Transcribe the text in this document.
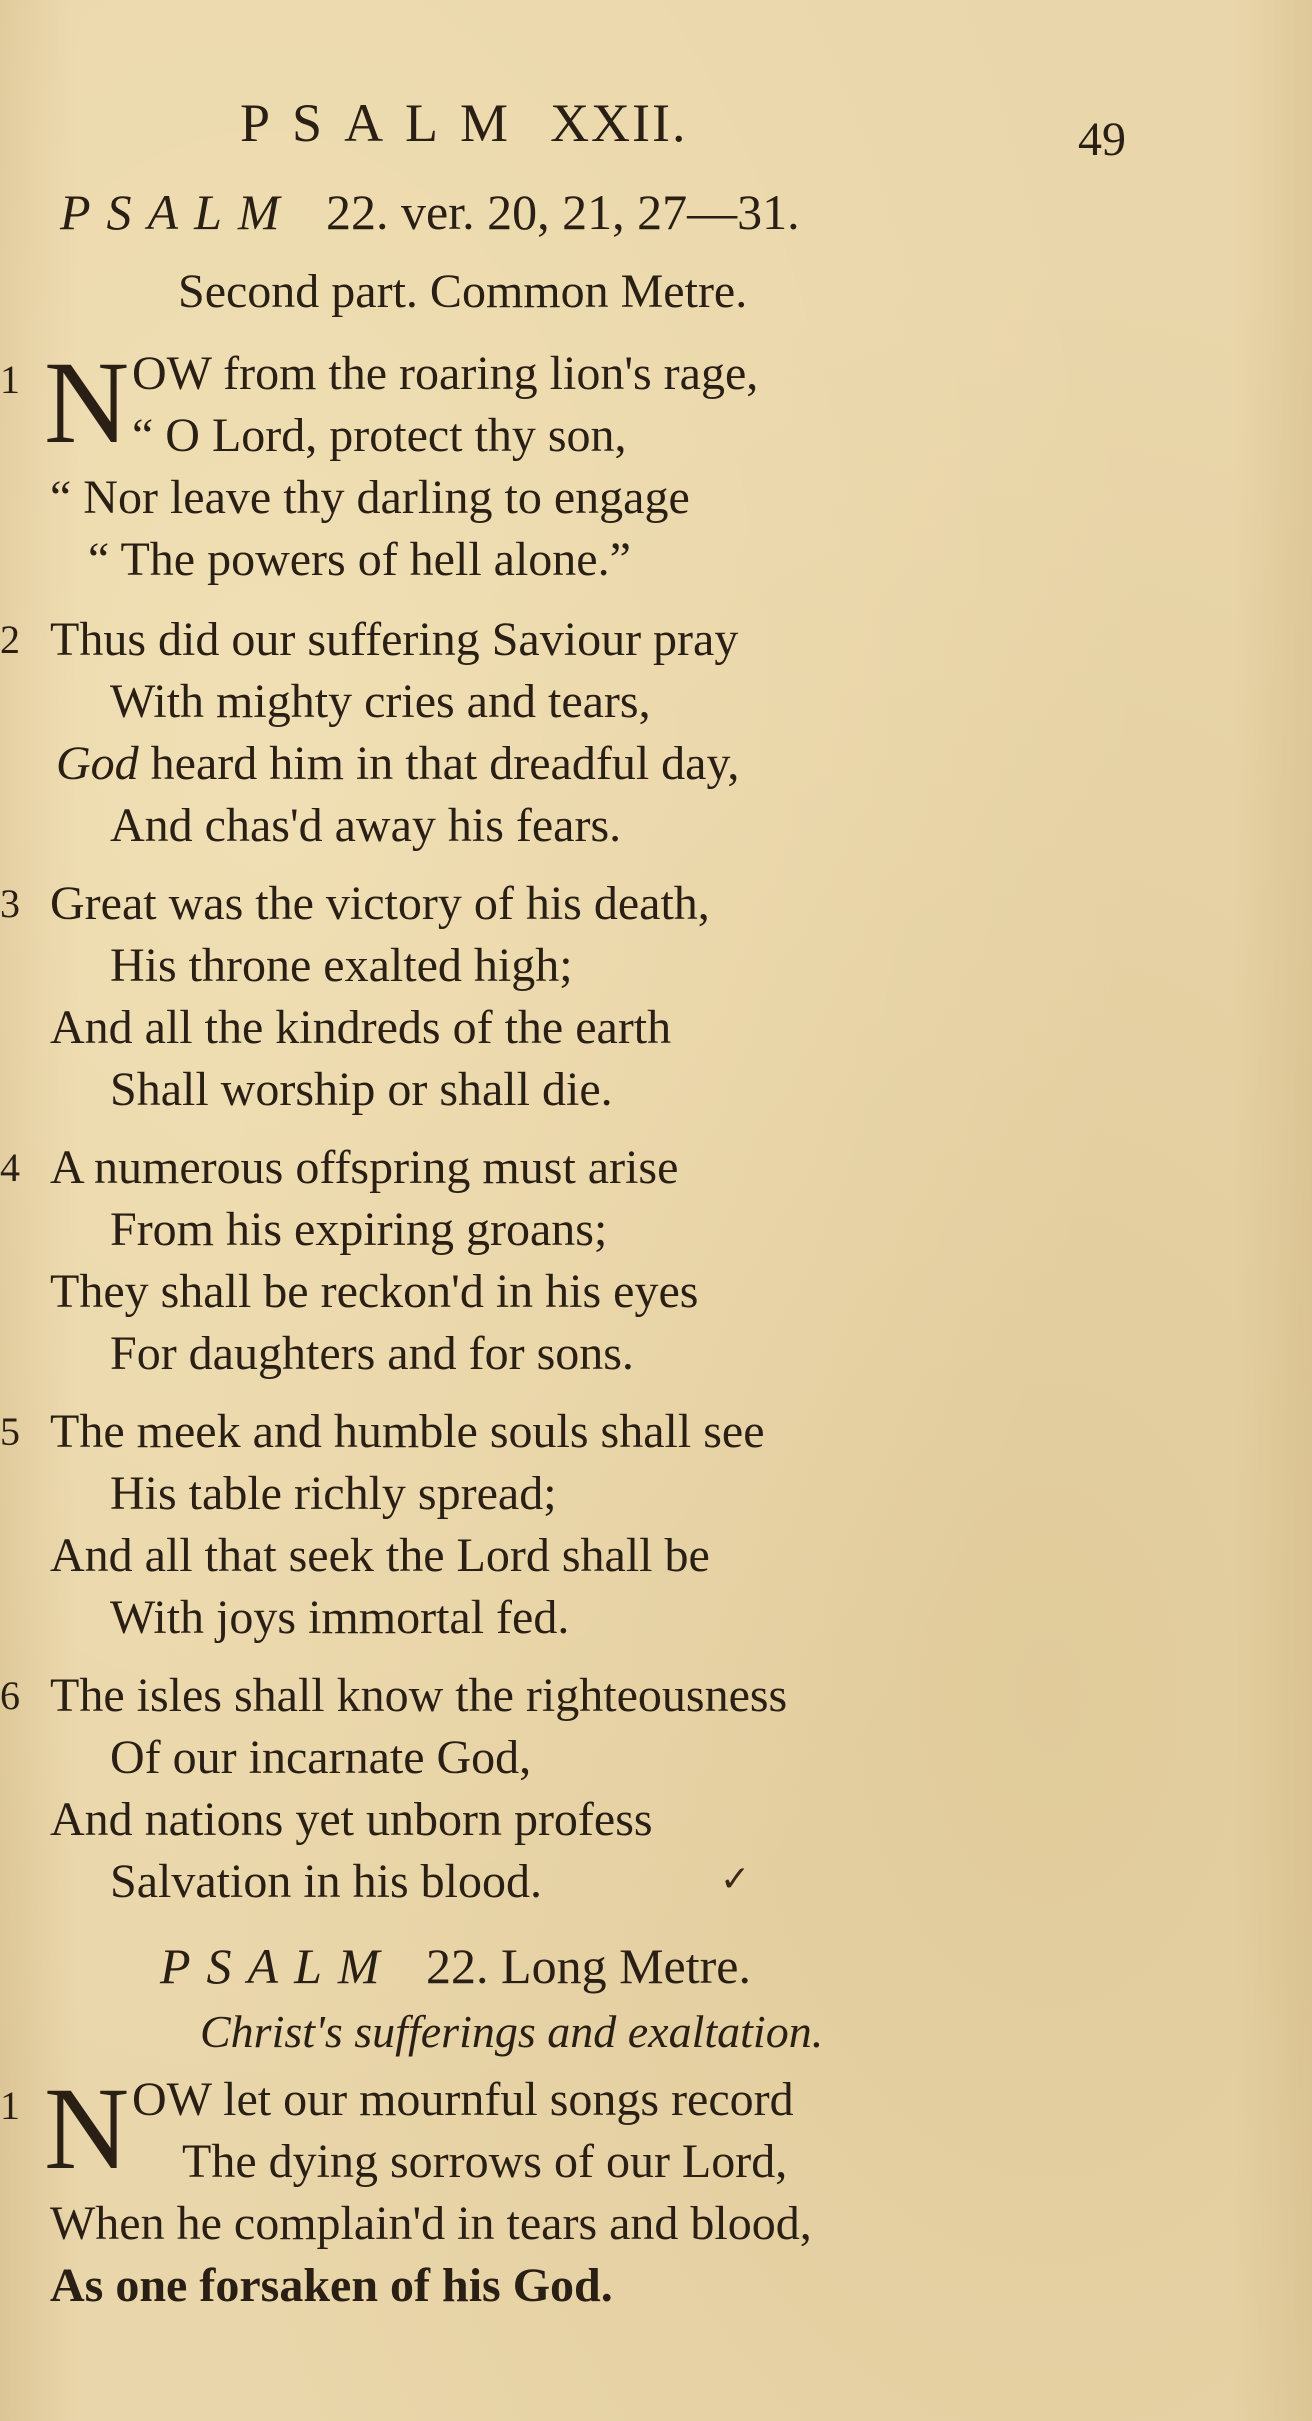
PSALM XXII.	49
PSALM 22. ver. 20, 21, 27—31.
Second part. Common Metre.
1 N OW from the roaring lion's rage,
“ O Lord, protect thy son,
“ Nor leave thy darling to engage
“ The powers of hell alone.”
2 Thus did our suffering Saviour pray
With mighty cries and tears,
God heard him in that dreadful day,
And chas'd away his fears.
3 Great was the victory of his death,
His throne exalted high;
And all the kindreds of the earth
Shall worship or shall die.
4 A numerous offspring must arise
From his expiring groans;
They shall be reckon'd in his eyes
For daughters and for sons.
5 The meek and humble souls shall see
His table richly spread;
And all that seek the Lord shall be
With joys immortal fed.
6 The isles shall know the righteousness
Of our incarnate God,
And nations yet unborn profess
Salvation in his blood.	✓
PSALM 22. Long Metre.
Christ's sufferings and exaltation.
1 N OW let our mournful songs record
The dying sorrows of our Lord,
When he complain'd in tears and blood,
As one forsaken of his God.
